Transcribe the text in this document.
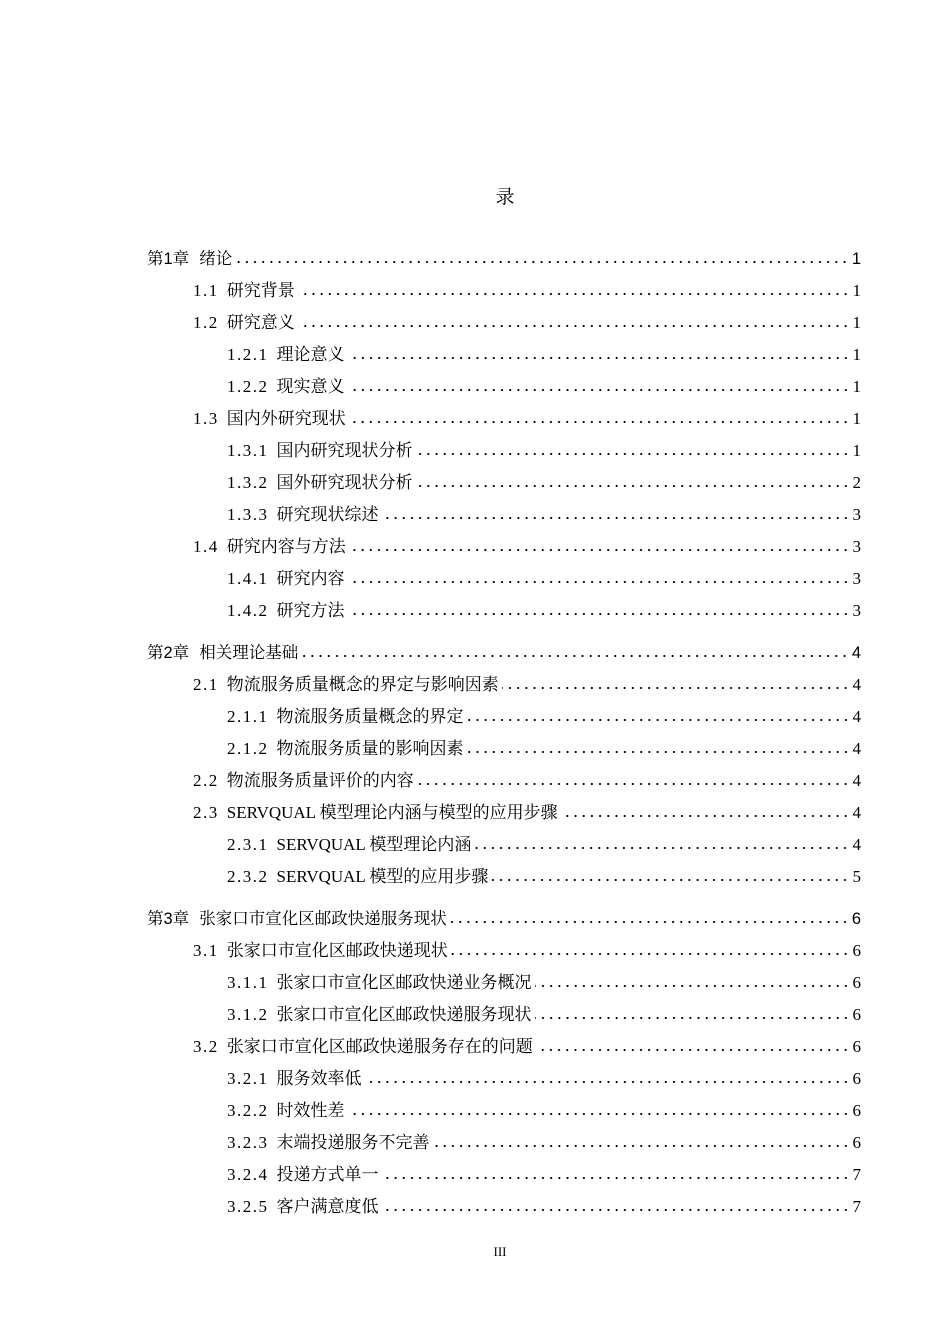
录
第1章 绪论	1
1.1 研究背景	1
1.2 研究意义	1
1.2.1 理论意义	1
1.2.2 现实意义	1
1.3 国内外研究现状	1
1.3.1 国内研究现状分析	1
1.3.2 国外研究现状分析	2
1.3.3 研究现状综述	3
1.4 研究内容与方法	3
1.4.1 研究内容	3
1.4.2 研究方法	3
第2章 相关理论基础	4
2.1 物流服务质量概念的界定与影响因素	4
2.1.1 物流服务质量概念的界定	4
2.1.2 物流服务质量的影响因素	4
2.2 物流服务质量评价的内容	4
2.3 SERVQUAL 模型理论内涵与模型的应用步骤	4
2.3.1 SERVQUAL 模型理论内涵	4
2.3.2 SERVQUAL 模型的应用步骤	5
第3章 张家口市宣化区邮政快递服务现状	6
3.1 张家口市宣化区邮政快递现状	6
3.1.1 张家口市宣化区邮政快递业务概况	6
3.1.2 张家口市宣化区邮政快递服务现状	6
3.2 张家口市宣化区邮政快递服务存在的问题	6
3.2.1 服务效率低	6
3.2.2 时效性差	6
3.2.3 末端投递服务不完善	6
3.2.4 投递方式单一	7
3.2.5 客户满意度低	7
III
